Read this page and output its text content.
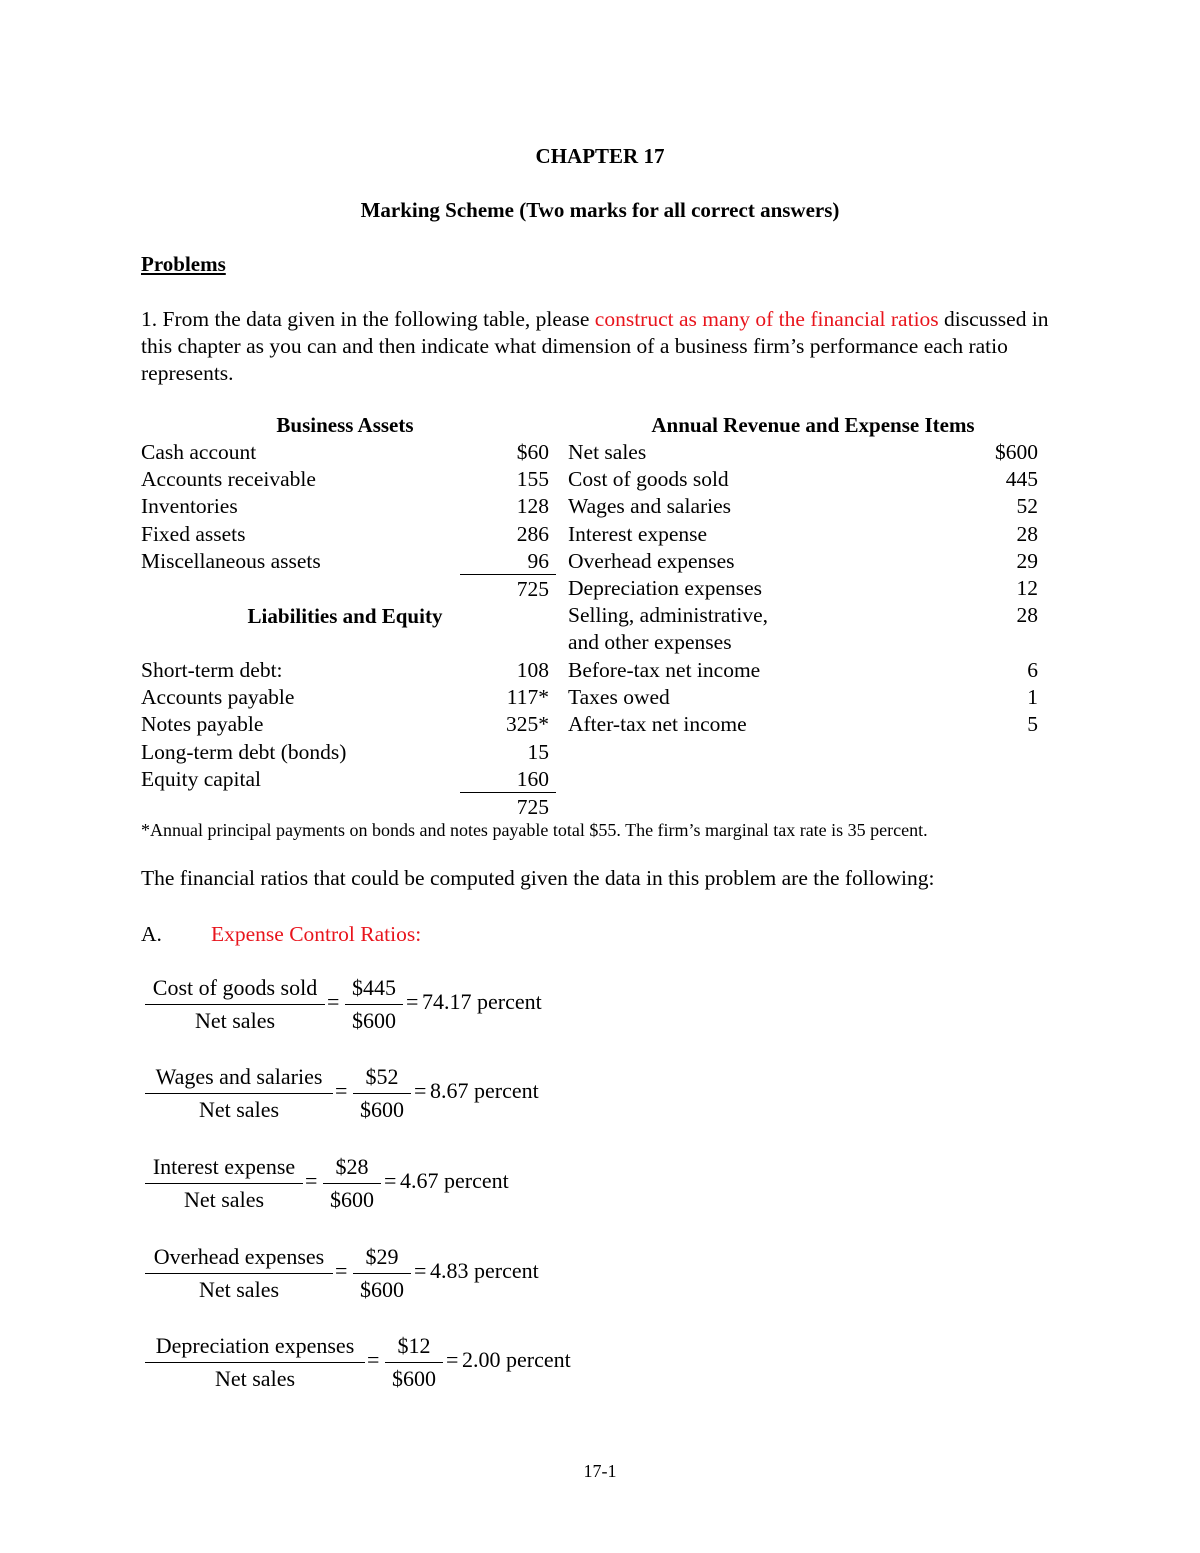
CHAPTER 17
Marking Scheme (Two marks for all correct answers)
Problems
1. From the data given in the following table, please construct as many of the financial ratios discussed in this chapter as you can and then indicate what dimension of a business firm’s performance each ratio represents.
Business Assets
Cash account	$60
Accounts receivable	155
Inventories	128
Fixed assets	286
Miscellaneous assets	96
725
Liabilities and Equity
Short-term debt:	108
Accounts payable	117*
Notes payable	325*
Long-term debt (bonds)	15
Equity capital	160
725
Annual Revenue and Expense Items
Net sales	$600
Cost of goods sold	445
Wages and salaries	52
Interest expense	28
Overhead expenses	29
Depreciation expenses	12
Selling, administrative,	28
and other expenses
Before-tax net income	6
Taxes owed	1
After-tax net income	5
*Annual principal payments on bonds and notes payable total $55. The firm’s marginal tax rate is 35 percent.
The financial ratios that could be computed given the data in this problem are the following:
A. Expense Control Ratios:
Cost of goods sold
Net sales
$445
$600
=	= 74.17 percent
Wages and salaries
Net sales
$52
$600
=	= 8.67 percent
Interest expense
Net sales
$28
$600
=	= 4.67 percent
Overhead expenses
Net sales
$29
$600
=	= 4.83 percent
Depreciation expenses
Net sales
$12
$600
=	= 2.00 percent
17-1
